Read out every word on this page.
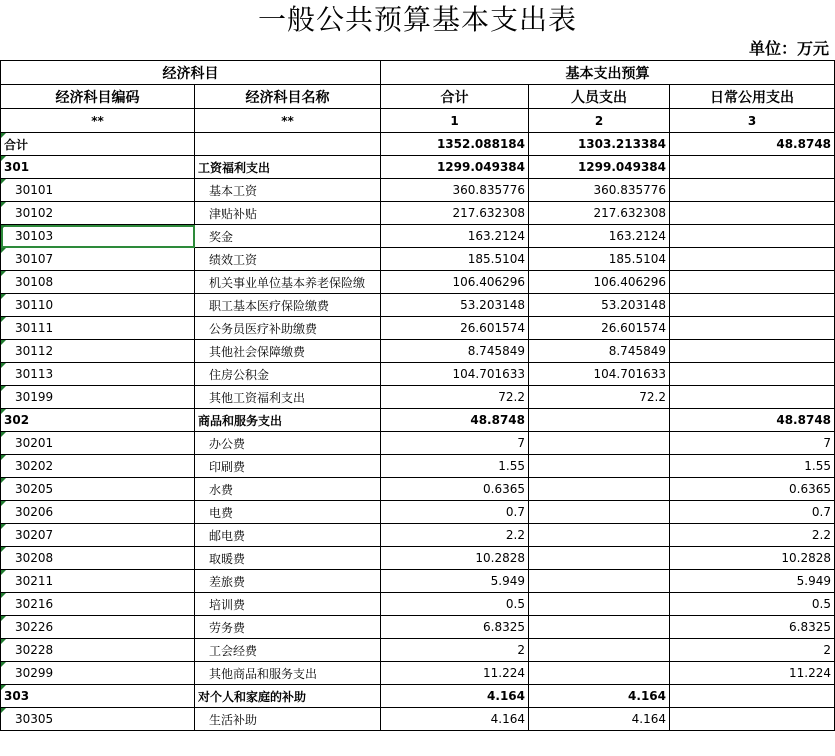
一般公共预算基本支出表
单位：万元
经济科目		基本支出预算		
经济科目编码	经济科目名称	合计	人员支出	日常公用支出
**	**	1	2	3
合计		1352.088184	1303.213384	48.8748
301	工资福利支出	1299.049384	1299.049384	
30101	基本工资	360.835776	360.835776	
30102	津贴补贴	217.632308	217.632308	
30103	奖金	163.2124	163.2124	
30107	绩效工资	185.5104	185.5104	
30108	机关事业单位基本养老保险缴	106.406296	106.406296	
30110	职工基本医疗保险缴费	53.203148	53.203148	
30111	公务员医疗补助缴费	26.601574	26.601574	
30112	其他社会保障缴费	8.745849	8.745849	
30113	住房公积金	104.701633	104.701633	
30199	其他工资福利支出	72.2	72.2	
302	商品和服务支出	48.8748		48.8748
30201	办公费	7		7
30202	印刷费	1.55		1.55
30205	水费	0.6365		0.6365
30206	电费	0.7		0.7
30207	邮电费	2.2		2.2
30208	取暖费	10.2828		10.2828
30211	差旅费	5.949		5.949
30216	培训费	0.5		0.5
30226	劳务费	6.8325		6.8325
30228	工会经费	2		2
30299	其他商品和服务支出	11.224		11.224
303	对个人和家庭的补助	4.164	4.164	
30305	生活补助	4.164	4.164	
